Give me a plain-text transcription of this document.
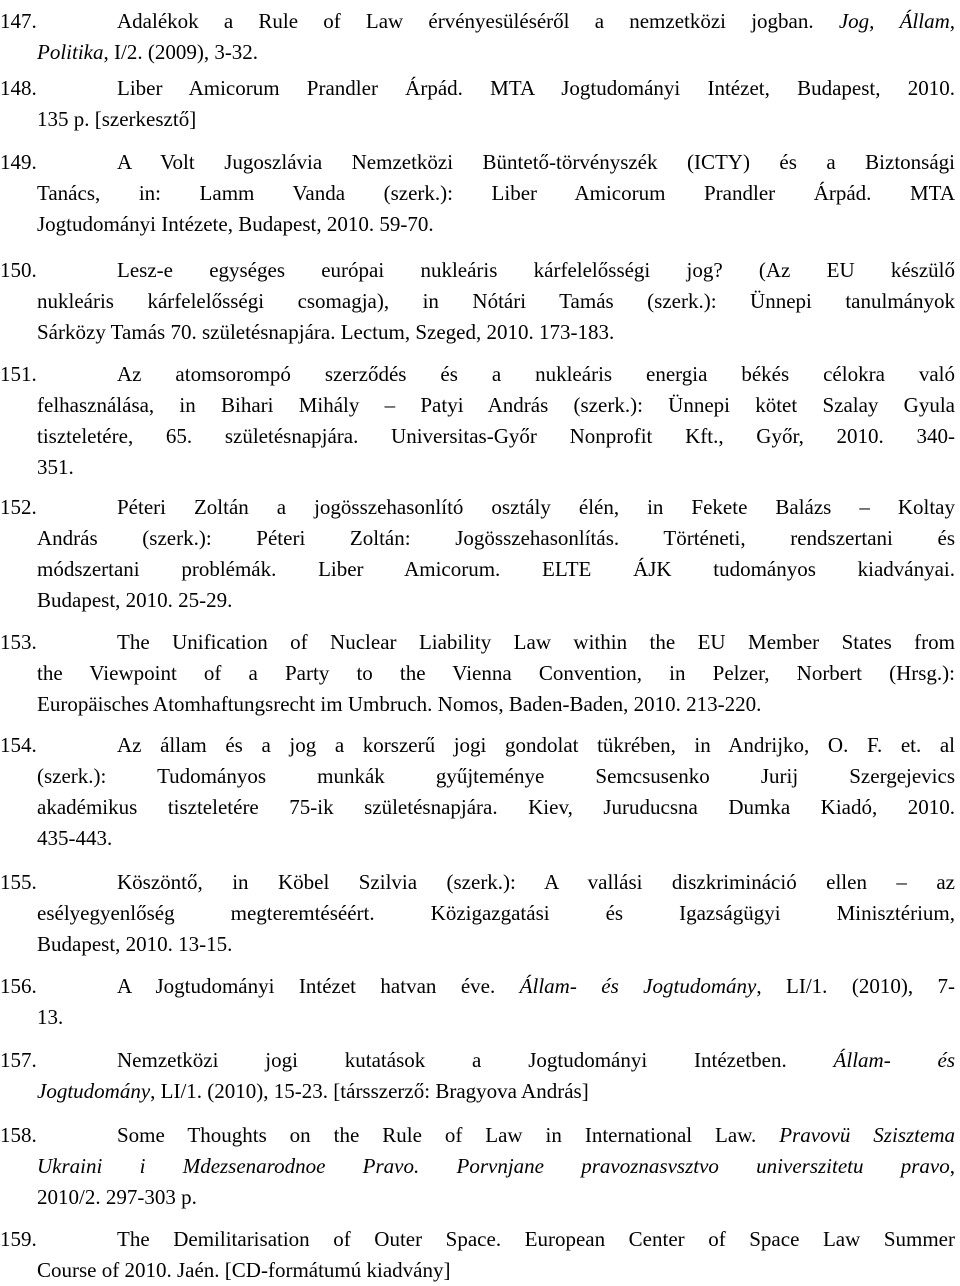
147.	Adalékok a Rule of Law érvényesüléséről a nemzetközi jogban. Jog, Állam,
Politika, I/2. (2009), 3-32.
148.	Liber Amicorum Prandler Árpád. MTA Jogtudományi Intézet, Budapest, 2010.
135 p. [szerkesztő]
149.	A Volt Jugoszlávia Nemzetközi Büntető-törvényszék (ICTY) és a Biztonsági
Tanács, in: Lamm Vanda (szerk.): Liber Amicorum Prandler Árpád. MTA
Jogtudományi Intézete, Budapest, 2010. 59-70.
150.	Lesz-e egységes európai nukleáris kárfelelősségi jog? (Az EU készülő
nukleáris kárfelelősségi csomagja), in Nótári Tamás (szerk.): Ünnepi tanulmányok
Sárközy Tamás 70. születésnapjára. Lectum, Szeged, 2010. 173-183.
151.	Az atomsorompó szerződés és a nukleáris energia békés célokra való
felhasználása, in Bihari Mihály – Patyi András (szerk.): Ünnepi kötet Szalay Gyula
tiszteletére, 65. születésnapjára. Universitas-Győr Nonprofit Kft., Győr, 2010. 340-
351.
152.	Péteri Zoltán a jogösszehasonlító osztály élén, in Fekete Balázs – Koltay
András (szerk.): Péteri Zoltán: Jogösszehasonlítás. Történeti, rendszertani és
módszertani problémák. Liber Amicorum. ELTE ÁJK tudományos kiadványai.
Budapest, 2010. 25-29.
153.	The Unification of Nuclear Liability Law within the EU Member States from
the Viewpoint of a Party to the Vienna Convention, in Pelzer, Norbert (Hrsg.):
Europäisches Atomhaftungsrecht im Umbruch. Nomos, Baden-Baden, 2010. 213-220.
154.	Az állam és a jog a korszerű jogi gondolat tükrében, in Andrijko, O. F. et. al
(szerk.): Tudományos munkák gyűjteménye Semcsusenko Jurij Szergejevics
akadémikus tiszteletére 75-ik születésnapjára. Kiev, Juruducsna Dumka Kiadó, 2010.
435-443.
155.	Köszöntő, in Köbel Szilvia (szerk.): A vallási diszkrimináció ellen – az
esélyegyenlőség megteremtéséért. Közigazgatási és Igazságügyi Minisztérium,
Budapest, 2010. 13-15.
156.	A Jogtudományi Intézet hatvan éve. Állam- és Jogtudomány, LI/1. (2010), 7-
13.
157.	Nemzetközi jogi kutatások a Jogtudományi Intézetben. Állam- és
Jogtudomány, LI/1. (2010), 15-23. [társszerző: Bragyova András]
158.	Some Thoughts on the Rule of Law in International Law. Pravovü Szisztema
Ukraini i Mdezsenarodnoe Pravo. Porvnjane pravoznasvsztvo universzitetu pravo,
2010/2. 297-303 p.
159.	The Demilitarisation of Outer Space. European Center of Space Law Summer
Course of 2010. Jaén. [CD-formátumú kiadvány]
